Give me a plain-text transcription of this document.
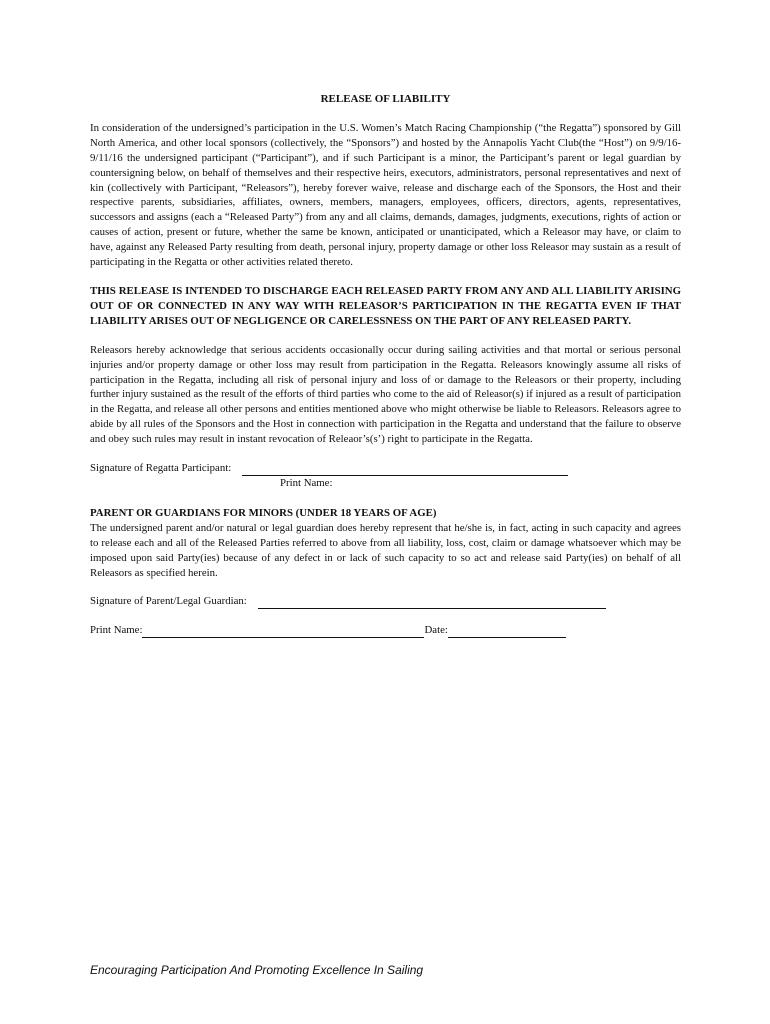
RELEASE OF LIABILITY

In consideration of the undersigned’s participation in the U.S. Women’s Match Racing Championship (“the Regatta”) sponsored by Gill North America, and other local sponsors (collectively, the “Sponsors”) and hosted by the Annapolis Yacht Club(the “Host”) on 9/9/16-9/11/16 the undersigned participant (“Participant”), and if such Participant is a minor, the Participant’s parent or legal guardian by countersigning below, on behalf of themselves and their respective heirs, executors, administrators, personal representatives and next of kin (collectively with Participant, “Releasors”), hereby forever waive, release and discharge each of the Sponsors, the Host and their respective parents, subsidiaries, affiliates, owners, members, managers, employees, officers, directors, agents, representatives, successors and assigns (each a “Released Party”) from any and all claims, demands, damages, judgments, executions, rights of action or causes of action, present or future, whether the same be known, anticipated or unanticipated, which a Releasor may have, or claim to have, against any Released Party resulting from death, personal injury, property damage or other loss Releasor may sustain as a result of participating in the Regatta or other activities related thereto.

THIS RELEASE IS INTENDED TO DISCHARGE EACH RELEASED PARTY FROM ANY AND ALL LIABILITY ARISING OUT OF OR CONNECTED IN ANY WAY WITH RELEASOR’S PARTICIPATION IN THE REGATTA EVEN IF THAT LIABILITY ARISES OUT OF NEGLIGENCE OR CARELESSNESS ON THE PART OF ANY RELEASED PARTY.

Releasors hereby acknowledge that serious accidents occasionally occur during sailing activities and that mortal or serious personal injuries and/or property damage or other loss may result from participation in the Regatta. Releasors knowingly assume all risks of participation in the Regatta, including all risk of personal injury and loss of or damage to the Releasors or their property, including further injury sustained as the result of the efforts of third parties who come to the aid of Releasor(s) if injured as a result of participation in the Regatta, and release all other persons and entities mentioned above who might otherwise be liable to Releasors. Releasors agree to abide by all rules of the Sponsors and the Host in connection with participation in the Regatta and understand that the failure to observe and obey such rules may result in instant revocation of Releaor’s(s’) right to participate in the Regatta.

Signature of Regatta Participant:
Print Name:
PARENT OR GUARDIANS FOR MINORS (UNDER 18 YEARS OF AGE)

The undersigned parent and/or natural or legal guardian does hereby represent that he/she is, in fact, acting in such capacity and agrees to release each and all of the Released Parties referred to above from all liability, loss, cost, claim or damage whatsoever which may be imposed upon said Party(ies) because of any defect in or lack of such capacity to so act and release said Party(ies) on behalf of all Releasors as specified herein.

Signature of Parent/Legal Guardian:
Print Name:	Date:
Encouraging Participation And Promoting Excellence In Sailing
